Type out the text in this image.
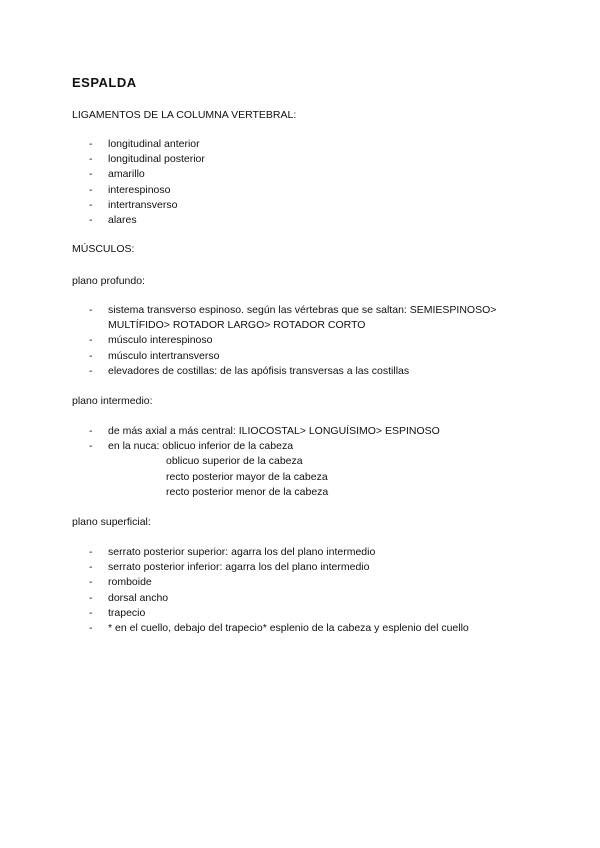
ESPALDA
LIGAMENTOS DE LA COLUMNA VERTEBRAL:
- longitudinal anterior
- longitudinal posterior
- amarillo
- interespinoso
- intertransverso
- alares
MÚSCULOS:
plano profundo:
- sistema transverso espinoso. según las vértebras que se saltan: SEMIESPINOSO> MULTÍFIDO> ROTADOR LARGO> ROTADOR CORTO
- músculo interespinoso
- músculo intertransverso
- elevadores de costillas: de las apófisis transversas a las costillas
plano intermedio:
- de más axial a más central: ILIOCOSTAL> LONGUÍSIMO> ESPINOSO
- en la nuca: oblicuo inferior de la cabeza
oblicuo superior de la cabeza
recto posterior mayor de la cabeza
recto posterior menor de la cabeza
plano superficial:
- serrato posterior superior: agarra los del plano intermedio
- serrato posterior inferior: agarra los del plano intermedio
- romboide
- dorsal ancho
- trapecio
- * en el cuello, debajo del trapecio* esplenio de la cabeza y esplenio del cuello
